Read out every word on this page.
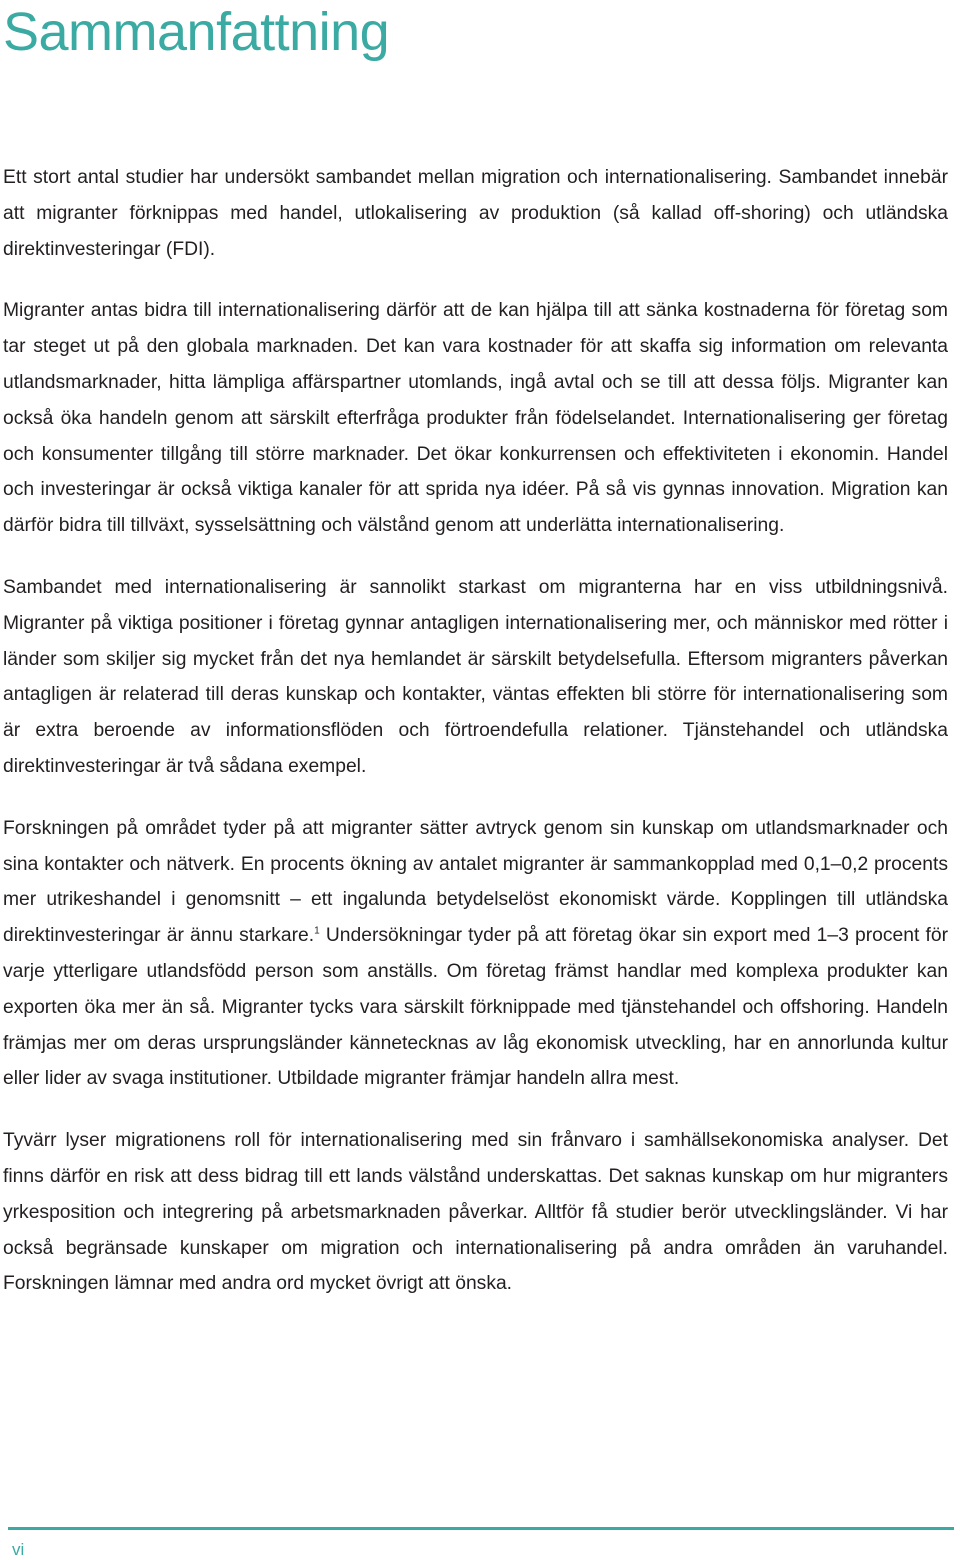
Sammanfattning

Ett stort antal studier har undersökt sambandet mellan migration och internationalisering. Sambandet innebär att migranter förknippas med handel, utlokalisering av produktion (så kallad off-shoring) och utländska direktinvesteringar (FDI).

Migranter antas bidra till internationalisering därför att de kan hjälpa till att sänka kostnaderna för företag som tar steget ut på den globala marknaden. Det kan vara kostnader för att skaffa sig information om relevanta utlandsmarknader, hitta lämpliga affärspartner utomlands, ingå avtal och se till att dessa följs. Migranter kan också öka handeln genom att särskilt efterfråga produkter från födelselandet. Internationalisering ger företag och konsumenter tillgång till större marknader. Det ökar konkurrensen och effektiviteten i ekonomin. Handel och investeringar är också viktiga kanaler för att sprida nya idéer. På så vis gynnas innovation. Migration kan därför bidra till tillväxt, sysselsättning och välstånd genom att underlätta internationalisering.

Sambandet med internationalisering är sannolikt starkast om migranterna har en viss utbildningsnivå. Migranter på viktiga positioner i företag gynnar antagligen internationalisering mer, och människor med rötter i länder som skiljer sig mycket från det nya hemlandet är särskilt betydelsefulla. Eftersom migranters påverkan antagligen är relaterad till deras kunskap och kontakter, väntas effekten bli större för internationalisering som är extra beroende av informationsflöden och förtroendefulla relationer. Tjänstehandel och utländska direktinvesteringar är två sådana exempel.

Forskningen på området tyder på att migranter sätter avtryck genom sin kunskap om utlandsmarknader och sina kontakter och nätverk. En procents ökning av antalet migranter är sammankopplad med 0,1–0,2 procents mer utrikeshandel i genomsnitt – ett ingalunda betydelselöst ekonomiskt värde. Kopplingen till utländska direktinvesteringar är ännu starkare.$^1$ Undersökningar tyder på att företag ökar sin export med 1–3 procent för varje ytterligare utlandsfödd person som anställs. Om företag främst handlar med komplexa produkter kan exporten öka mer än så. Migranter tycks vara särskilt förknippade med tjänstehandel och offshoring. Handeln främjas mer om deras ursprungsländer kännetecknas av låg ekonomisk utveckling, har en annorlunda kultur eller lider av svaga institutioner. Utbildade migranter främjar handeln allra mest.

Tyvärr lyser migrationens roll för internationalisering med sin frånvaro i samhällsekonomiska analyser. Det finns därför en risk att dess bidrag till ett lands välstånd underskattas. Det saknas kunskap om hur migranters yrkesposition och integrering på arbetsmarknaden påverkar. Alltför få studier berör utvecklingsländer. Vi har också begränsade kunskaper om migration och internationalisering på andra områden än varuhandel. Forskningen lämnar med andra ord mycket övrigt att önska.

vi
